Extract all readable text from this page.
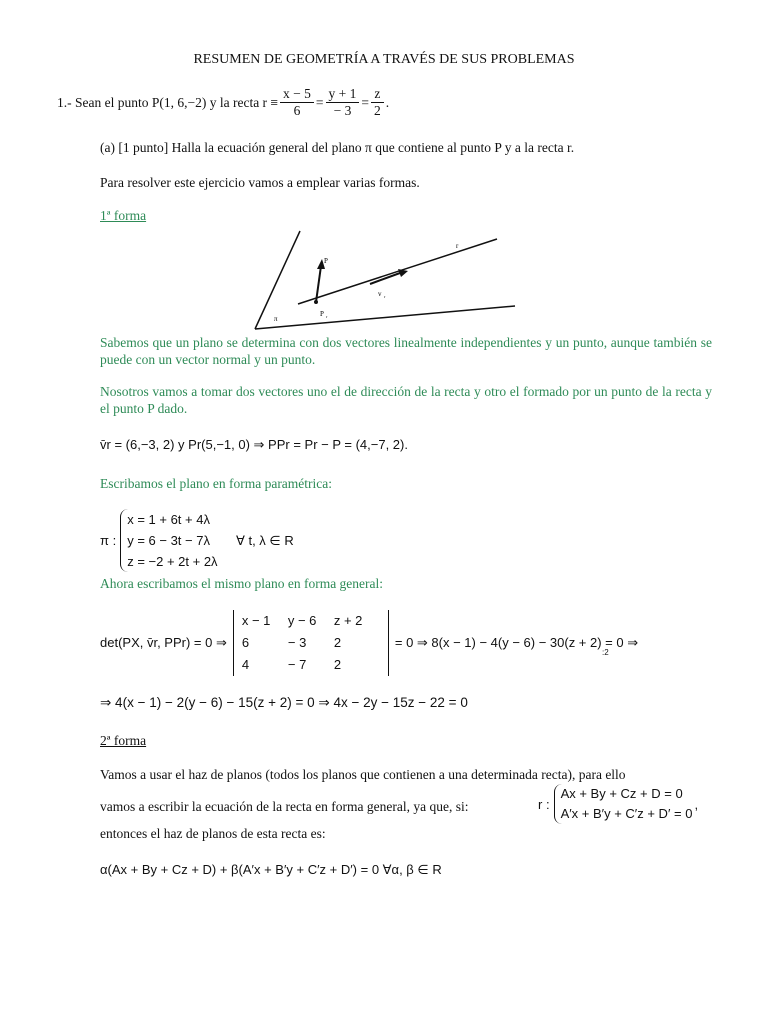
RESUMEN DE GEOMETRÍA A TRAVÉS DE SUS PROBLEMAS
1.- Sean el punto P(1, 6,−2) y la recta $r \equiv \frac{x - 5}{6} = \frac{y + 1}{- 3} = \frac{z}{2}$ .
(a) [1 punto] Halla la ecuación general del plano π que contiene al punto P y a la recta r.
Para resolver este ejercicio vamos a emplear varias formas.
1ª forma
r
P
v r
π
P r
Sabemos que un plano se determina con dos vectores linealmente independientes y un punto, aunque también se puede con un vector normal y un punto.
Nosotros vamos a tomar dos vectores uno el de dirección de la recta y otro el formado por un punto de la recta y el punto P dado.
v̄r = (6,−3, 2) y Pr(5,−1, 0) ⇒ PPr = Pr − P = (4,−7, 2).
Escribamos el plano en forma paramétrica:
π :
x = 1 + 6t + 4λ
y = 6 − 3t − 7λ ∀ t, λ ∈ R
z = −2 + 2t + 2λ
Ahora escribamos el mismo plano en forma general:
det(PX, v̄r, PPr) = 0 ⇒
x − 1	y − 6	z + 2
6	− 3	2
4	− 7	2
= 0 ⇒ 8(x − 1) − 4(y − 6) − 30(z + 2) = 0 ⇒
:2
⇒ 4(x − 1) − 2(y − 6) − 15(z + 2) = 0 ⇒ 4x − 2y − 15z − 22 = 0
2ª forma
Vamos a usar el haz de planos (todos los planos que contienen a una determinada recta), para ello
vamos a escribir la ecuación de la recta en forma general, ya que, si:	r :
Ax + By + Cz + D = 0
A′x + B′y + C′z + D′ = 0
,
entonces el haz de planos de esta recta es:
α(Ax + By + Cz + D) + β(A′x + B′y + C′z + D′) = 0 ∀α, β ∈ R
